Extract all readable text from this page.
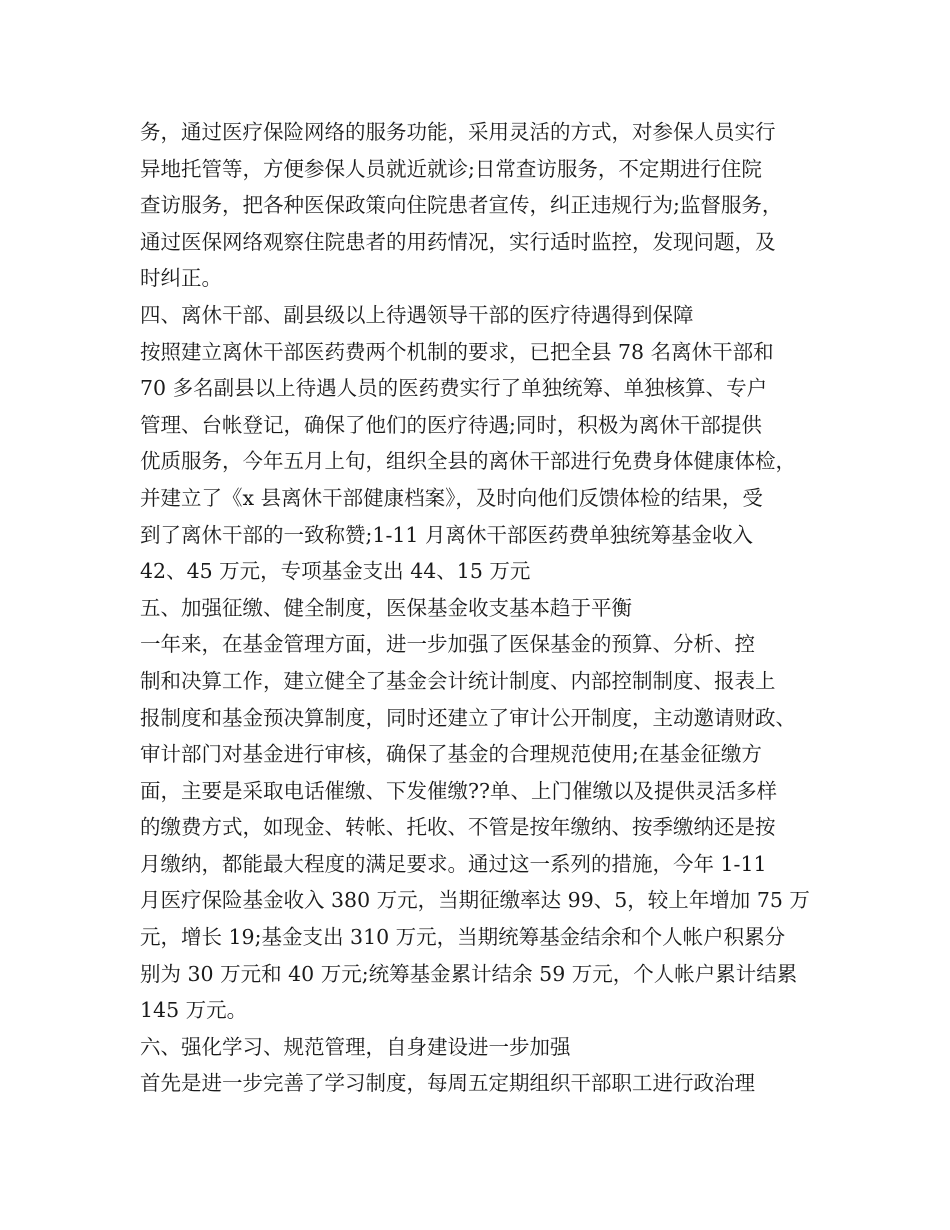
务，通过医疗保险网络的服务功能，采用灵活的方式，对参保人员实行
异地托管等，方便参保人员就近就诊;日常查访服务，不定期进行住院
查访服务，把各种医保政策向住院患者宣传，纠正违规行为;监督服务，
通过医保网络观察住院患者的用药情况，实行适时监控，发现问题，及
时纠正。
四、离休干部、副县级以上待遇领导干部的医疗待遇得到保障
按照建立离休干部医药费两个机制的要求，已把全县 78 名离休干部和
70 多名副县以上待遇人员的医药费实行了单独统筹、单独核算、专户
管理、台帐登记，确保了他们的医疗待遇;同时，积极为离休干部提供
优质服务，今年五月上旬，组织全县的离休干部进行免费身体健康体检，
并建立了《x 县离休干部健康档案》，及时向他们反馈体检的结果，受
到了离休干部的一致称赞;1-11 月离休干部医药费单独统筹基金收入
42、45 万元，专项基金支出 44、15 万元
五、加强征缴、健全制度，医保基金收支基本趋于平衡
一年来，在基金管理方面，进一步加强了医保基金的预算、分析、控
制和决算工作，建立健全了基金会计统计制度、内部控制制度、报表上
报制度和基金预决算制度，同时还建立了审计公开制度，主动邀请财政、
审计部门对基金进行审核，确保了基金的合理规范使用;在基金征缴方
面，主要是采取电话催缴、下发催缴??单、上门催缴以及提供灵活多样
的缴费方式，如现金、转帐、托收、不管是按年缴纳、按季缴纳还是按
月缴纳，都能最大程度的满足要求。通过这一系列的措施，今年 1-11
月医疗保险基金收入 380 万元，当期征缴率达 99、5，较上年增加 75 万
元，增长 19;基金支出 310 万元，当期统筹基金结余和个人帐户积累分
别为 30 万元和 40 万元;统筹基金累计结余 59 万元，个人帐户累计结累
145 万元。
六、强化学习、规范管理，自身建设进一步加强
首先是进一步完善了学习制度，每周五定期组织干部职工进行政治理
